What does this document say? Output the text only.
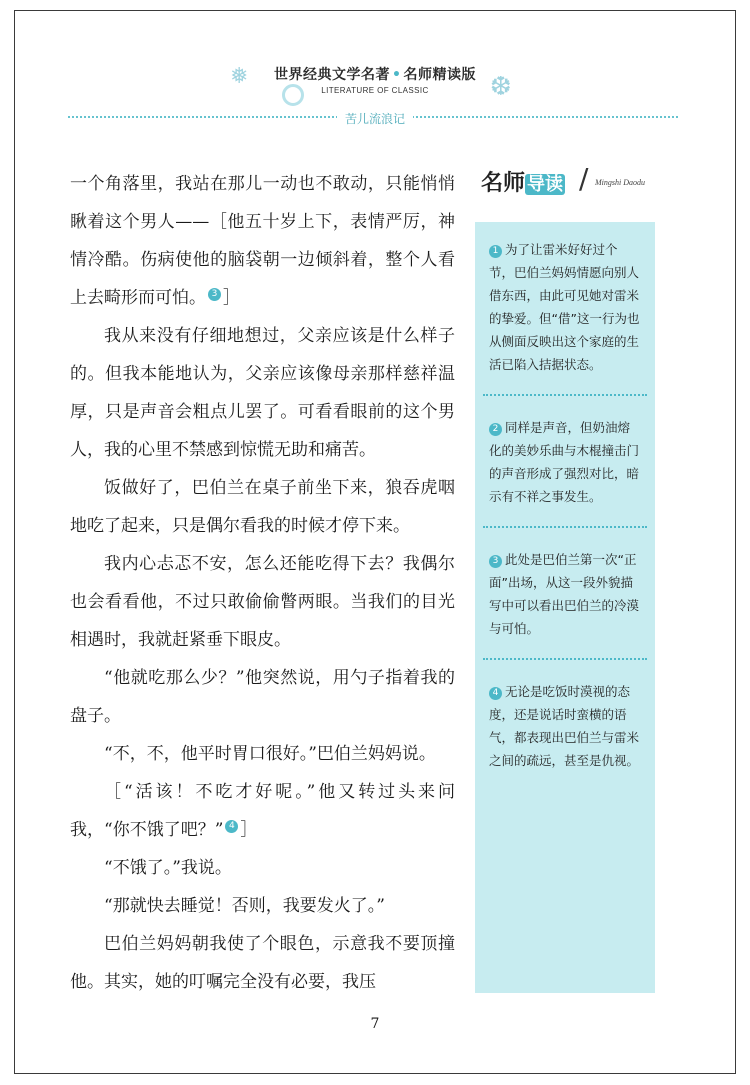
❅	❆
世界经典文学名著 • 名师精读版
LITERATURE OF CLASSIC
苦儿流浪记

一个角落里，我站在那儿一动也不敢动，只能悄悄瞅着这个男人——［他五十岁上下，表情严厉，神情冷酷。伤病使他的脑袋朝一边倾斜着，整个人看上去畸形而可怕。 3 ］

我从来没有仔细地想过，父亲应该是什么样子的。但我本能地认为，父亲应该像母亲那样慈祥温厚，只是声音会粗点儿罢了。可看看眼前的这个男人，我的心里不禁感到惊慌无助和痛苦。

饭做好了，巴伯兰在桌子前坐下来，狼吞虎咽地吃了起来，只是偶尔看我的时候才停下来。

我内心忐忑不安，怎么还能吃得下去？我偶尔也会看看他，不过只敢偷偷瞥两眼。当我们的目光相遇时，我就赶紧垂下眼皮。

“他就吃那么少？”他突然说，用勺子指着我的盘子。

“不，不，他平时胃口很好。”巴伯兰妈妈说。

［“活该！不吃才好呢。”他又转过头来问我，“你不饿了吧？” 4 ］

“不饿了。”我说。

“那就快去睡觉！否则，我要发火了。”

巴伯兰妈妈朝我使了个眼色，示意我不要顶撞他。其实，她的叮嘱完全没有必要，我压

名师 导读 / Mingshi Daodu
1 为了让雷米好好过个节，巴伯兰妈妈情愿向别人借东西，由此可见她对雷米的挚爱。但“借”这一行为也从侧面反映出这个家庭的生活已陷入拮据状态。
2 同样是声音，但奶油熔化的美妙乐曲与木棍撞击门的声音形成了强烈对比，暗示有不祥之事发生。
3 此处是巴伯兰第一次“正面”出场，从这一段外貌描写中可以看出巴伯兰的冷漠与可怕。
4 无论是吃饭时漠视的态度，还是说话时蛮横的语气，都表现出巴伯兰与雷米之间的疏远，甚至是仇视。
7
